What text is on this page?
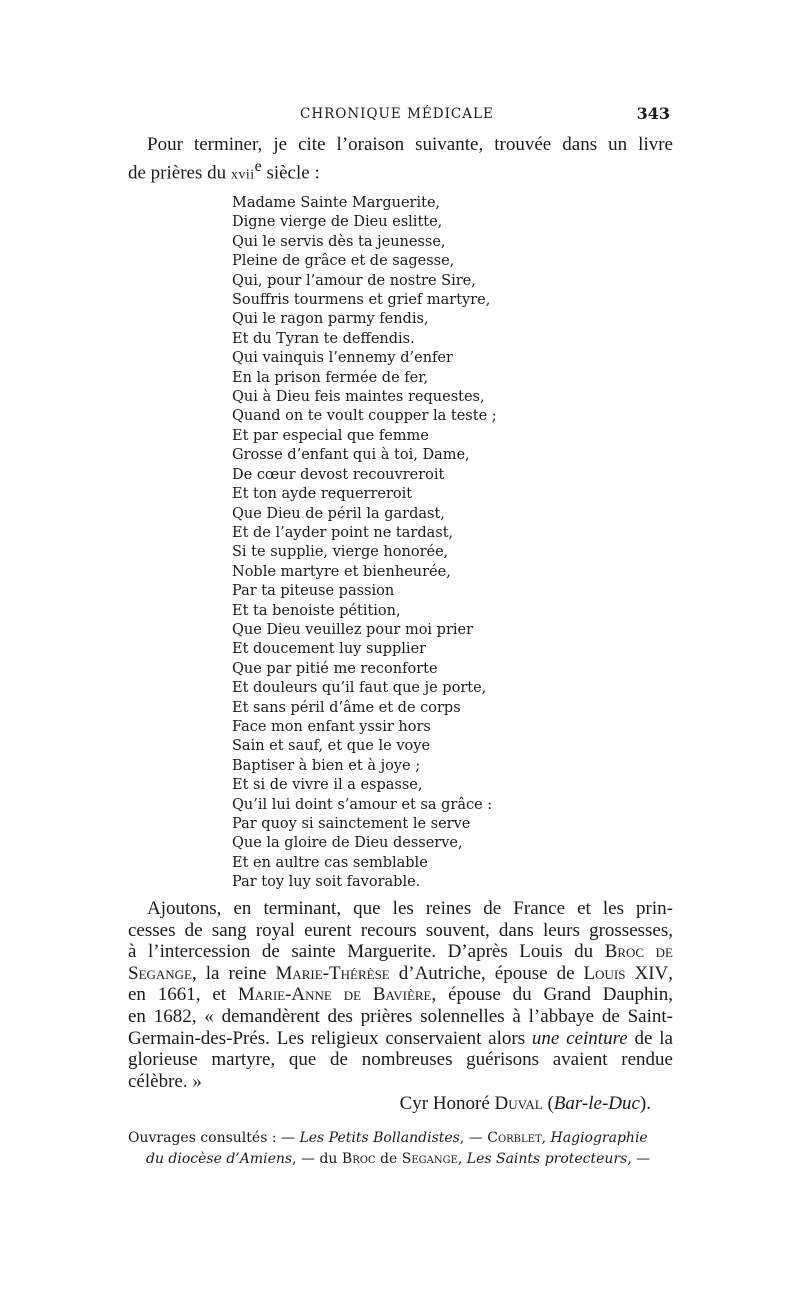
CHRONIQUE MÉDICALE	343
Pour terminer, je cite l’oraison suivante, trouvée dans un livre
de prières du xvii$^e$ siècle :
Madame Sainte Marguerite,
Digne vierge de Dieu eslitte,
Qui le servis dès ta jeunesse,
Pleine de grâce et de sagesse,
Qui, pour l’amour de nostre Sire,
Souffris tourmens et grief martyre,
Qui le ragon parmy fendis,
Et du Tyran te deffendis.
Qui vainquis l’ennemy d’enfer
En la prison fermée de fer,
Qui à Dieu feis maintes requestes,
Quand on te voult coupper la teste ;
Et par especial que femme
Grosse d’enfant qui à toi, Dame,
De cœur devost recouvreroit
Et ton ayde requerreroit
Que Dieu de péril la gardast,
Et de l’ayder point ne tardast,
Si te supplie, vierge honorée,
Noble martyre et bienheurée,
Par ta piteuse passion
Et ta benoiste pétition,
Que Dieu veuillez pour moi prier
Et doucement luy supplier
Que par pitié me reconforte
Et douleurs qu’il faut que je porte,
Et sans péril d’âme et de corps
Face mon enfant yssir hors
Sain et sauf, et que le voye
Baptiser à bien et à joye ;
Et si de vivre il a espasse,
Qu’il lui doint s’amour et sa grâce :
Par quoy si sainctement le serve
Que la gloire de Dieu desserve,
Et en aultre cas semblable
Par toy luy soit favorable.
Ajoutons, en terminant, que les reines de France et les prin-
cesses de sang royal eurent recours souvent, dans leurs grossesses,
à l’intercession de sainte Marguerite. D’après Louis du Broc de
Segange, la reine Marie-Thérèse d’Autriche, épouse de Louis XIV,
en 1661, et Marie-Anne de Bavière, épouse du Grand Dauphin,
en 1682, « demandèrent des prières solennelles à l’abbaye de Saint-
Germain-des-Prés. Les religieux conservaient alors une ceinture de la
glorieuse martyre, que de nombreuses guérisons avaient rendue
célèbre. »
Cyr Honoré Duval (Bar-le-Duc).
Ouvrages consultés : — Les Petits Bollandistes, — Corblet, Hagiographie
du diocèse d’Amiens, — du Broc de Segange, Les Saints protecteurs, —
